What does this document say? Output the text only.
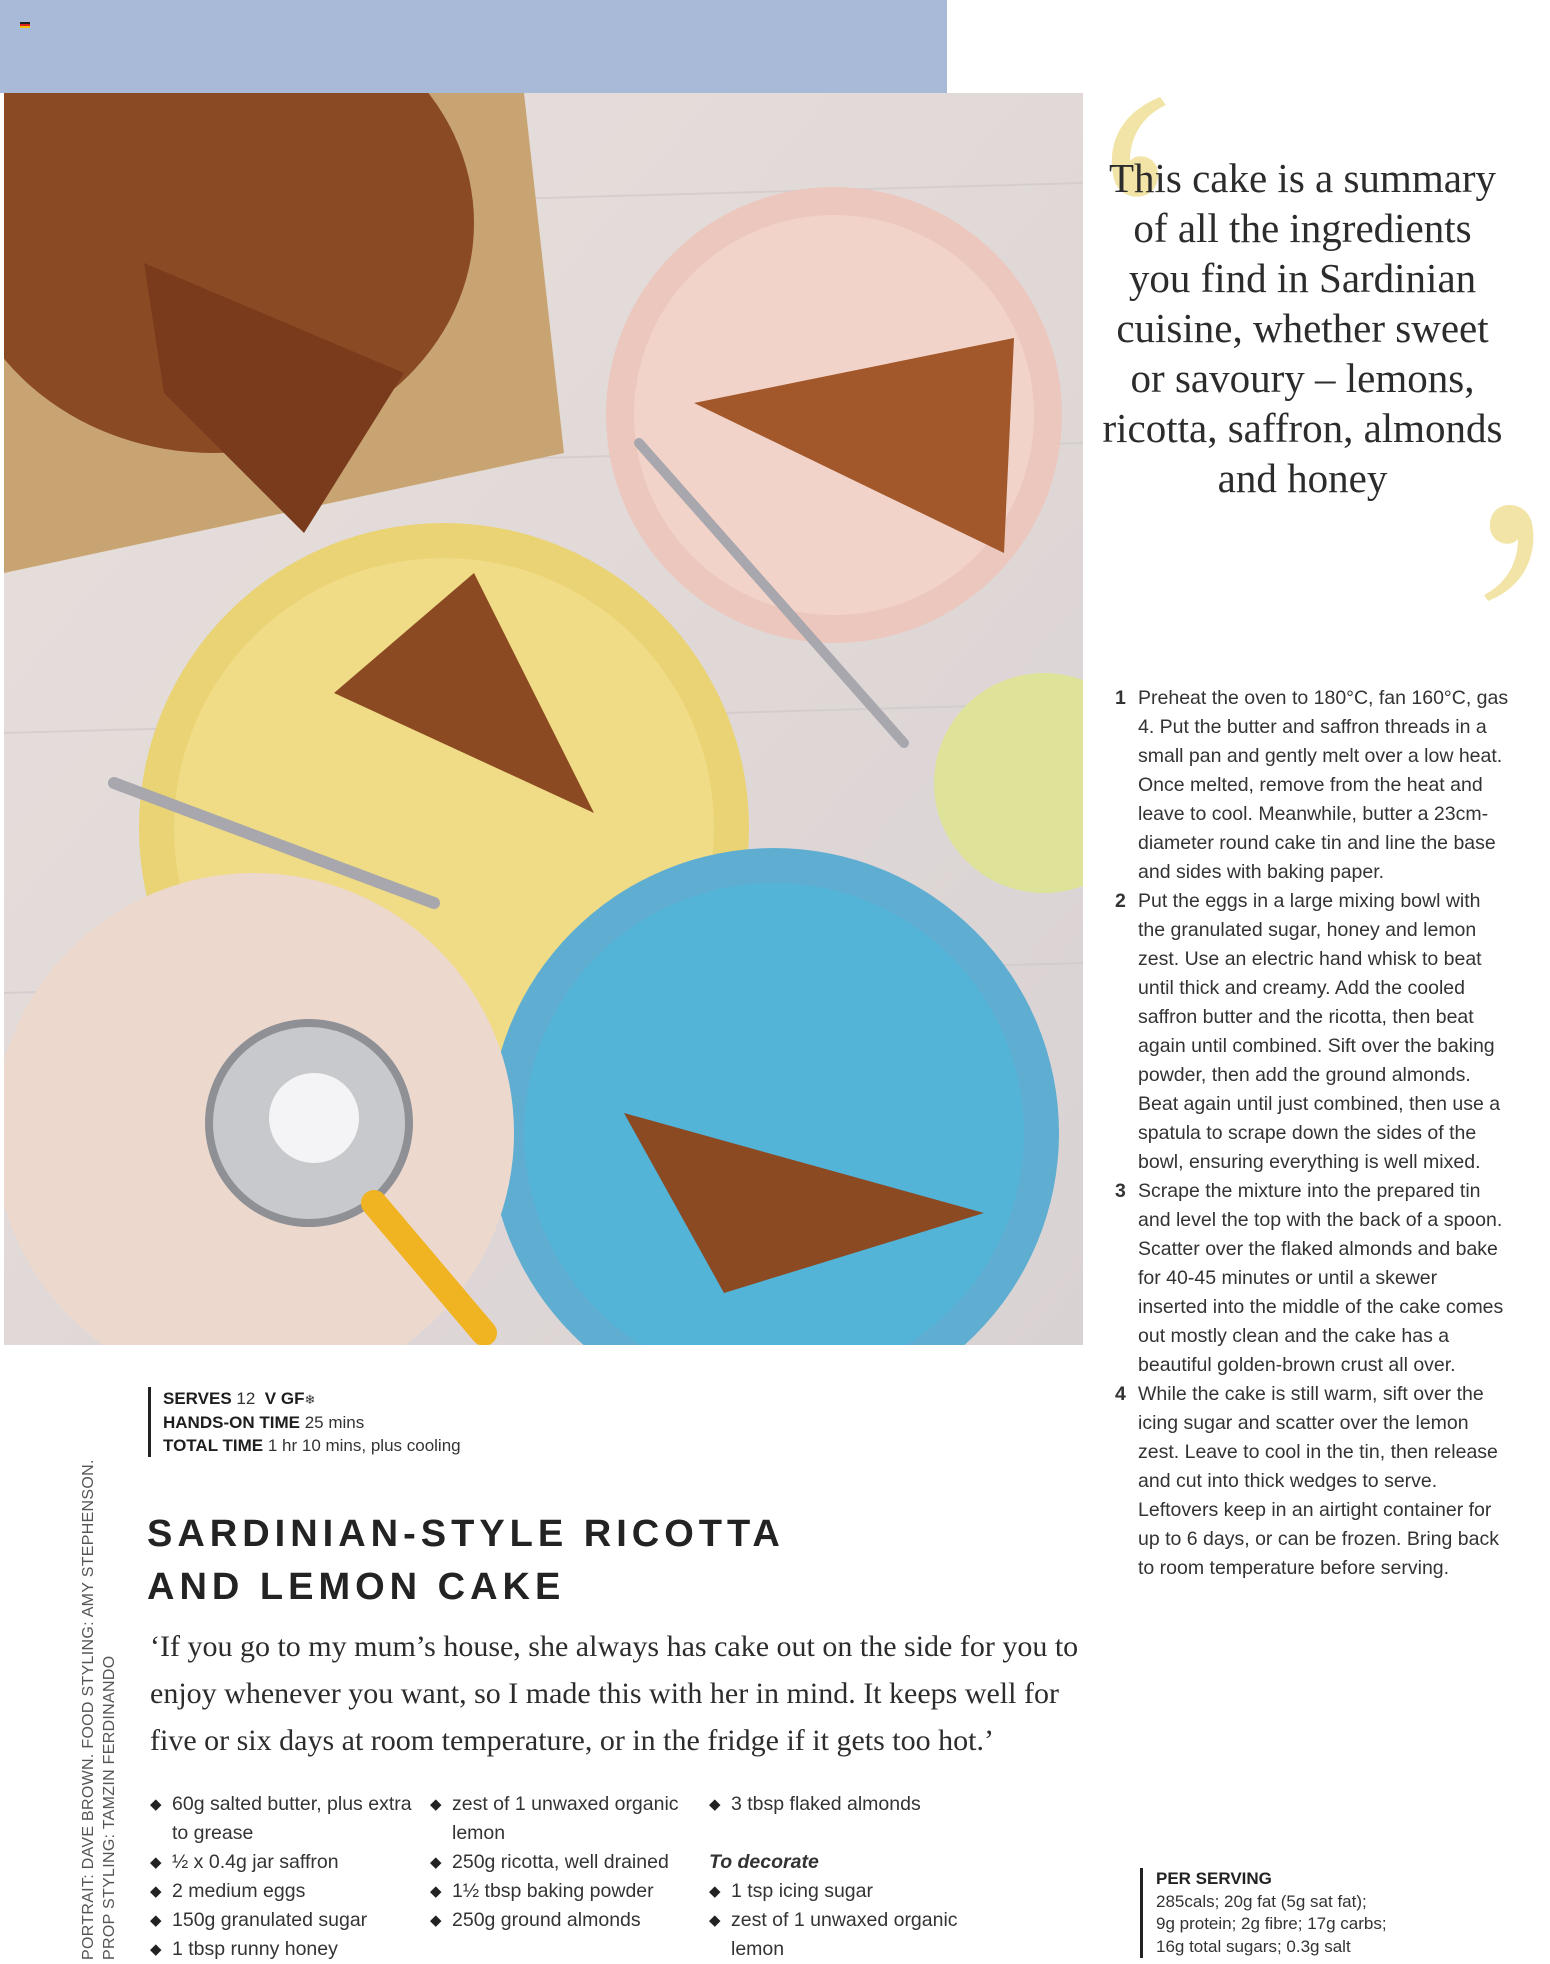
This cake is a summary of all the ingredients you find in Sardinian cuisine, whether sweet or savoury – lemons, ricotta, saffron, almonds and honey
SERVES 12 V GF❄
HANDS-ON TIME 25 mins
TOTAL TIME 1 hr 10 mins, plus cooling
SARDINIAN-STYLE RICOTTA
AND LEMON CAKE
‘If you go to my mum’s house, she always has cake out on the side for you to enjoy whenever you want, so I made this with her in mind. It keeps well for five or six days at room temperature, or in the fridge if it gets too hot.’
◆ 60g salted butter, plus extra to grease
◆ ½ x 0.4g jar saffron
◆ 2 medium eggs
◆ 150g granulated sugar
◆ 1 tbsp runny honey
◆ zest of 1 unwaxed organic lemon
◆ 250g ricotta, well drained
◆ 1½ tbsp baking powder
◆ 250g ground almonds
◆ 3 tbsp flaked almonds
To decorate
◆ 1 tsp icing sugar
◆ zest of 1 unwaxed organic lemon
1 Preheat the oven to 180°C, fan 160°C, gas 4. Put the butter and saffron threads in a small pan and gently melt over a low heat. Once melted, remove from the heat and leave to cool. Meanwhile, butter a 23cm-diameter round cake tin and line the base and sides with baking paper.
2 Put the eggs in a large mixing bowl with the granulated sugar, honey and lemon zest. Use an electric hand whisk to beat until thick and creamy. Add the cooled saffron butter and the ricotta, then beat again until combined. Sift over the baking powder, then add the ground almonds. Beat again until just combined, then use a spatula to scrape down the sides of the bowl, ensuring everything is well mixed.
3 Scrape the mixture into the prepared tin and level the top with the back of a spoon. Scatter over the flaked almonds and bake for 40-45 minutes or until a skewer inserted into the middle of the cake comes out mostly clean and the cake has a beautiful golden-brown crust all over.
4 While the cake is still warm, sift over the icing sugar and scatter over the lemon zest. Leave to cool in the tin, then release and cut into thick wedges to serve. Leftovers keep in an airtight container for up to 6 days, or can be frozen. Bring back to room temperature before serving.
PER SERVING
285cals; 20g fat (5g sat fat);
9g protein; 2g fibre; 17g carbs;
16g total sugars; 0.3g salt
PORTRAIT: DAVE BROWN. FOOD STYLING: AMY STEPHENSON. PROP STYLING: TAMZIN FERDINANDO
